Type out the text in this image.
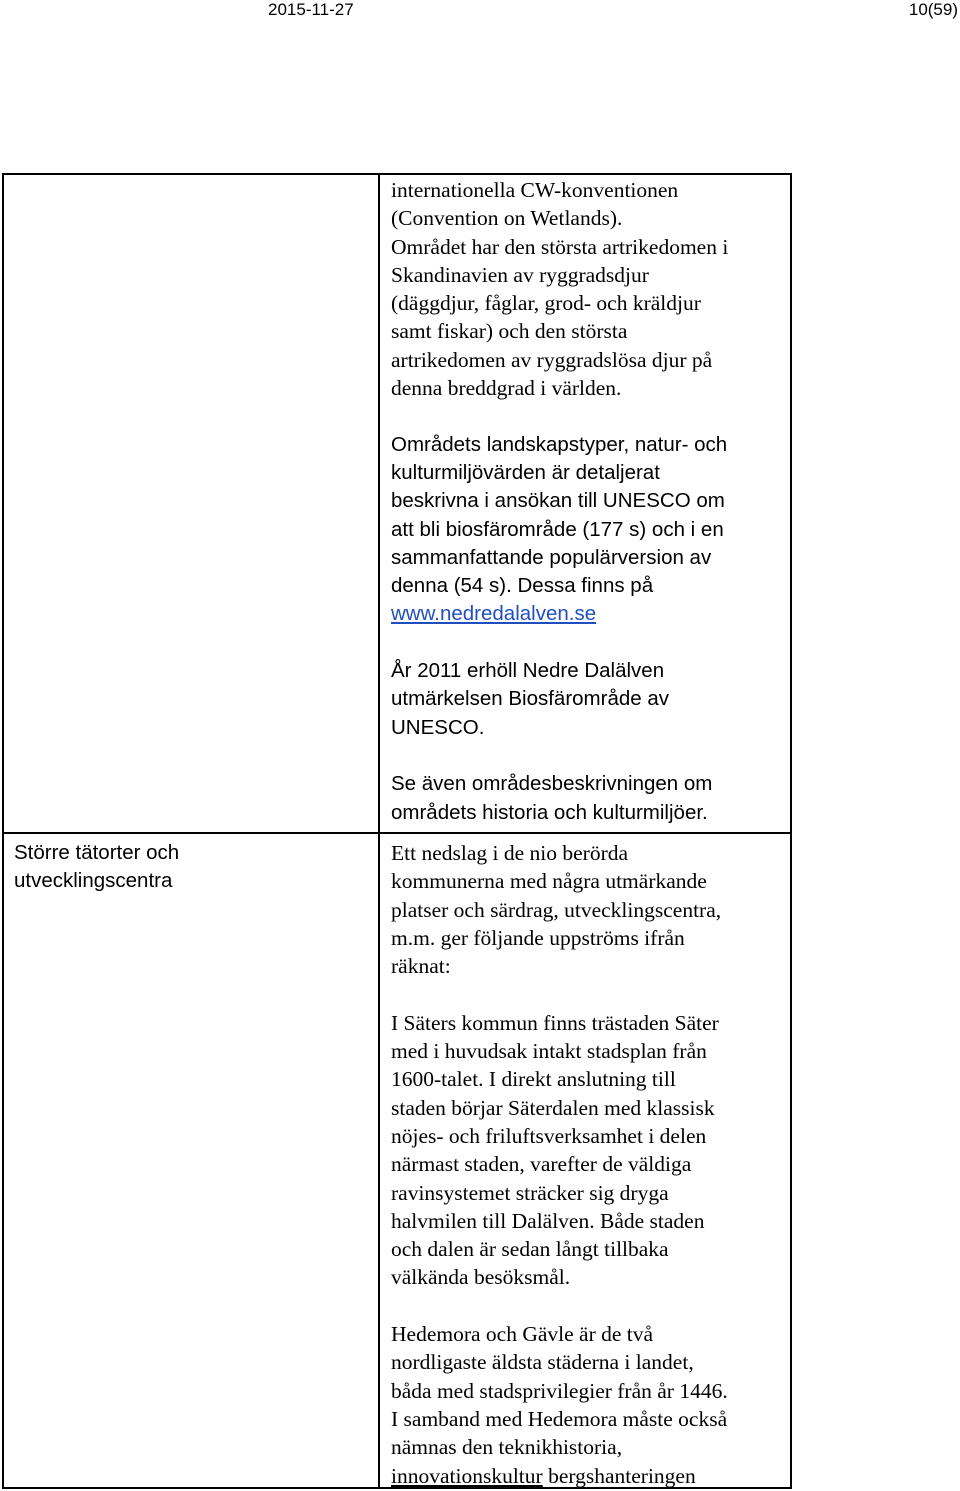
2015-11-27	10(59)

internationella CW-konventionen
(Convention on Wetlands).
Området har den största artrikedomen i
Skandinavien av ryggradsdjur
(däggdjur, fåglar, grod- och kräldjur
samt fiskar) och den största
artrikedomen av ryggradslösa djur på
denna breddgrad i världen.

Områdets landskapstyper, natur- och
kulturmiljövärden är detaljerat
beskrivna i ansökan till UNESCO om
att bli biosfärområde (177 s) och i en
sammanfattande populärversion av
denna (54 s). Dessa finns på
www.nedredalalven.se

År 2011 erhöll Nedre Dalälven
utmärkelsen Biosfärområde av
UNESCO.

Se även områdesbeskrivningen om
områdets historia och kulturmiljöer.

Större tätorter och
utvecklingscentra

Ett nedslag i de nio berörda
kommunerna med några utmärkande
platser och särdrag, utvecklingscentra,
m.m. ger följande uppströms ifrån
räknat:

I Säters kommun finns trästaden Säter
med i huvudsak intakt stadsplan från
1600-talet. I direkt anslutning till
staden börjar Säterdalen med klassisk
nöjes- och friluftsverksamhet i delen
närmast staden, varefter de väldiga
ravinsystemet sträcker sig dryga
halvmilen till Dalälven. Både staden
och dalen är sedan långt tillbaka
välkända besöksmål.

Hedemora och Gävle är de två
nordligaste äldsta städerna i landet,
båda med stadsprivilegier från år 1446.
I samband med Hedemora måste också
nämnas den teknikhistoria,
innovationskultur bergshanteringen
